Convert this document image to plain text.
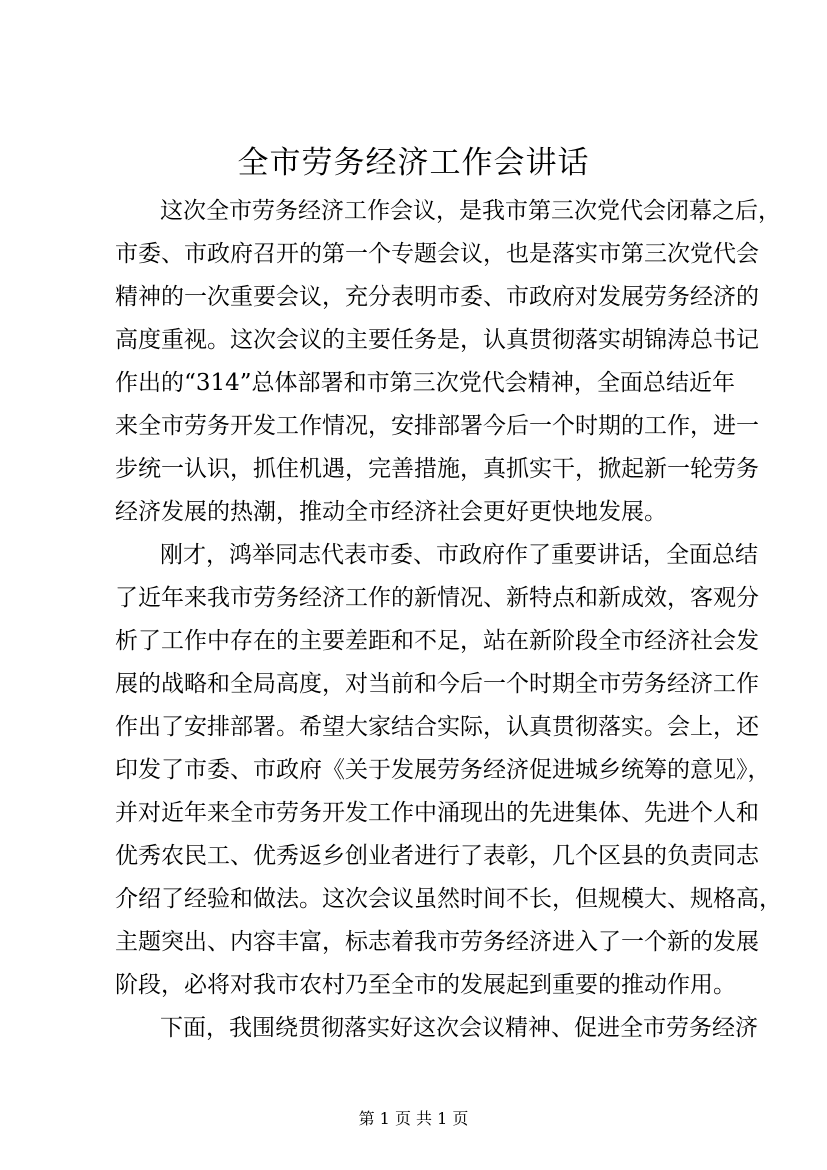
全市劳务经济工作会讲话
这次全市劳务经济工作会议，是我市第三次党代会闭幕之后，
市委、市政府召开的第一个专题会议，也是落实市第三次党代会
精神的一次重要会议，充分表明市委、市政府对发展劳务经济的
高度重视。这次会议的主要任务是，认真贯彻落实胡锦涛总书记
作出的“314”总体部署和市第三次党代会精神，全面总结近年
来全市劳务开发工作情况，安排部署今后一个时期的工作，进一
步统一认识，抓住机遇，完善措施，真抓实干，掀起新一轮劳务
经济发展的热潮，推动全市经济社会更好更快地发展。
刚才，鸿举同志代表市委、市政府作了重要讲话，全面总结
了近年来我市劳务经济工作的新情况、新特点和新成效，客观分
析了工作中存在的主要差距和不足，站在新阶段全市经济社会发
展的战略和全局高度，对当前和今后一个时期全市劳务经济工作
作出了安排部署。希望大家结合实际，认真贯彻落实。会上，还
印发了市委、市政府《关于发展劳务经济促进城乡统筹的意见》，
并对近年来全市劳务开发工作中涌现出的先进集体、先进个人和
优秀农民工、优秀返乡创业者进行了表彰，几个区县的负责同志
介绍了经验和做法。这次会议虽然时间不长，但规模大、规格高，
主题突出、内容丰富，标志着我市劳务经济进入了一个新的发展
阶段，必将对我市农村乃至全市的发展起到重要的推动作用。
下面，我围绕贯彻落实好这次会议精神、促进全市劳务经济
第 1 页 共 1 页
